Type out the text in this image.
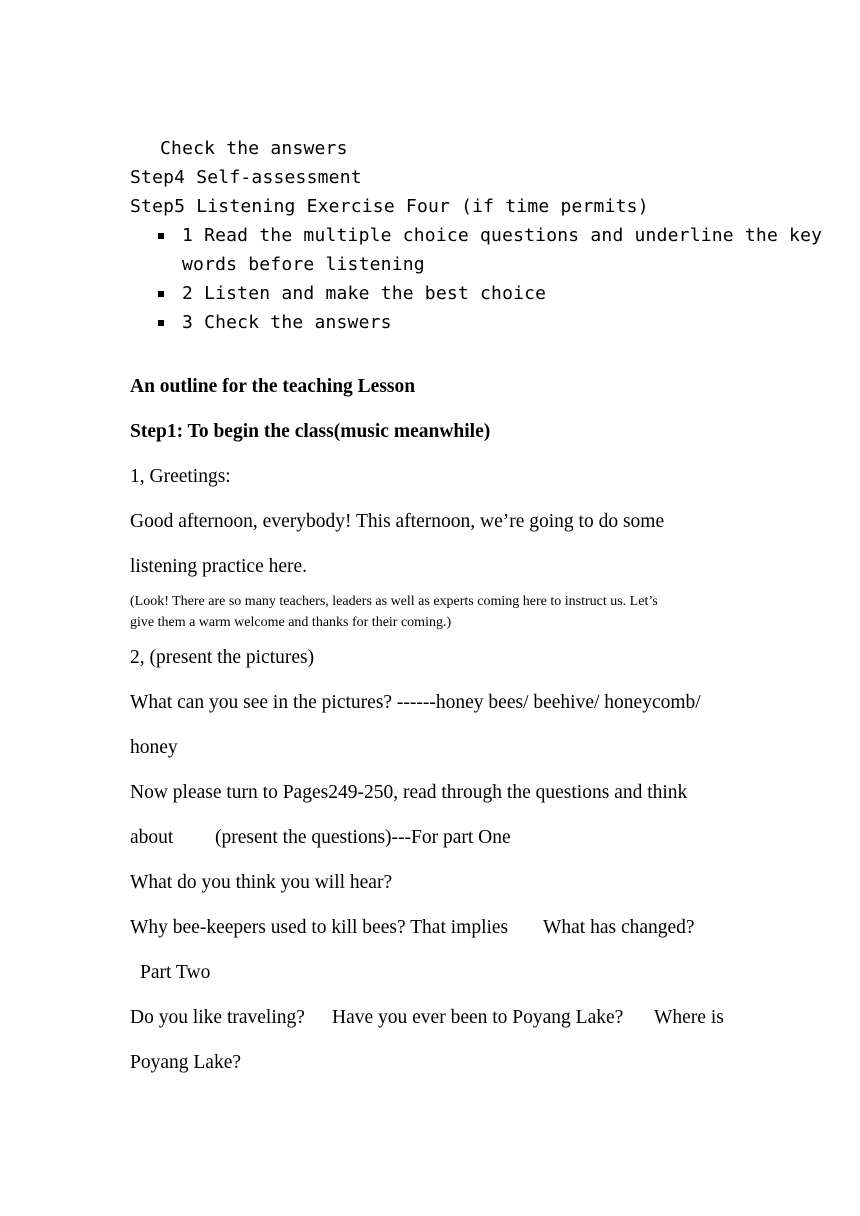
Check the answers
Step4 Self-assessment
Step5 Listening Exercise Four (if time permits)
1 Read the multiple choice questions and underline the key
words before listening
2 Listen and make the best choice
3 Check the answers
An outline for the teaching Lesson
Step1: To begin the class(music meanwhile)
1, Greetings:
Good afternoon, everybody! This afternoon, we’re going to do some
listening practice here.
(Look! There are so many teachers, leaders as well as experts coming here to instruct us. Let’s
give them a warm welcome and thanks for their coming.)
2, (present the pictures)
What can you see in the pictures? ------honey bees/ beehive/ honeycomb/
honey
Now please turn to Pages249-250, read through the questions and think
about (present the questions)---For part One
What do you think you will hear?
Why bee-keepers used to kill bees? That implies What has changed?
Part Two
Do you like traveling? Have you ever been to Poyang Lake? Where is
Poyang Lake?
